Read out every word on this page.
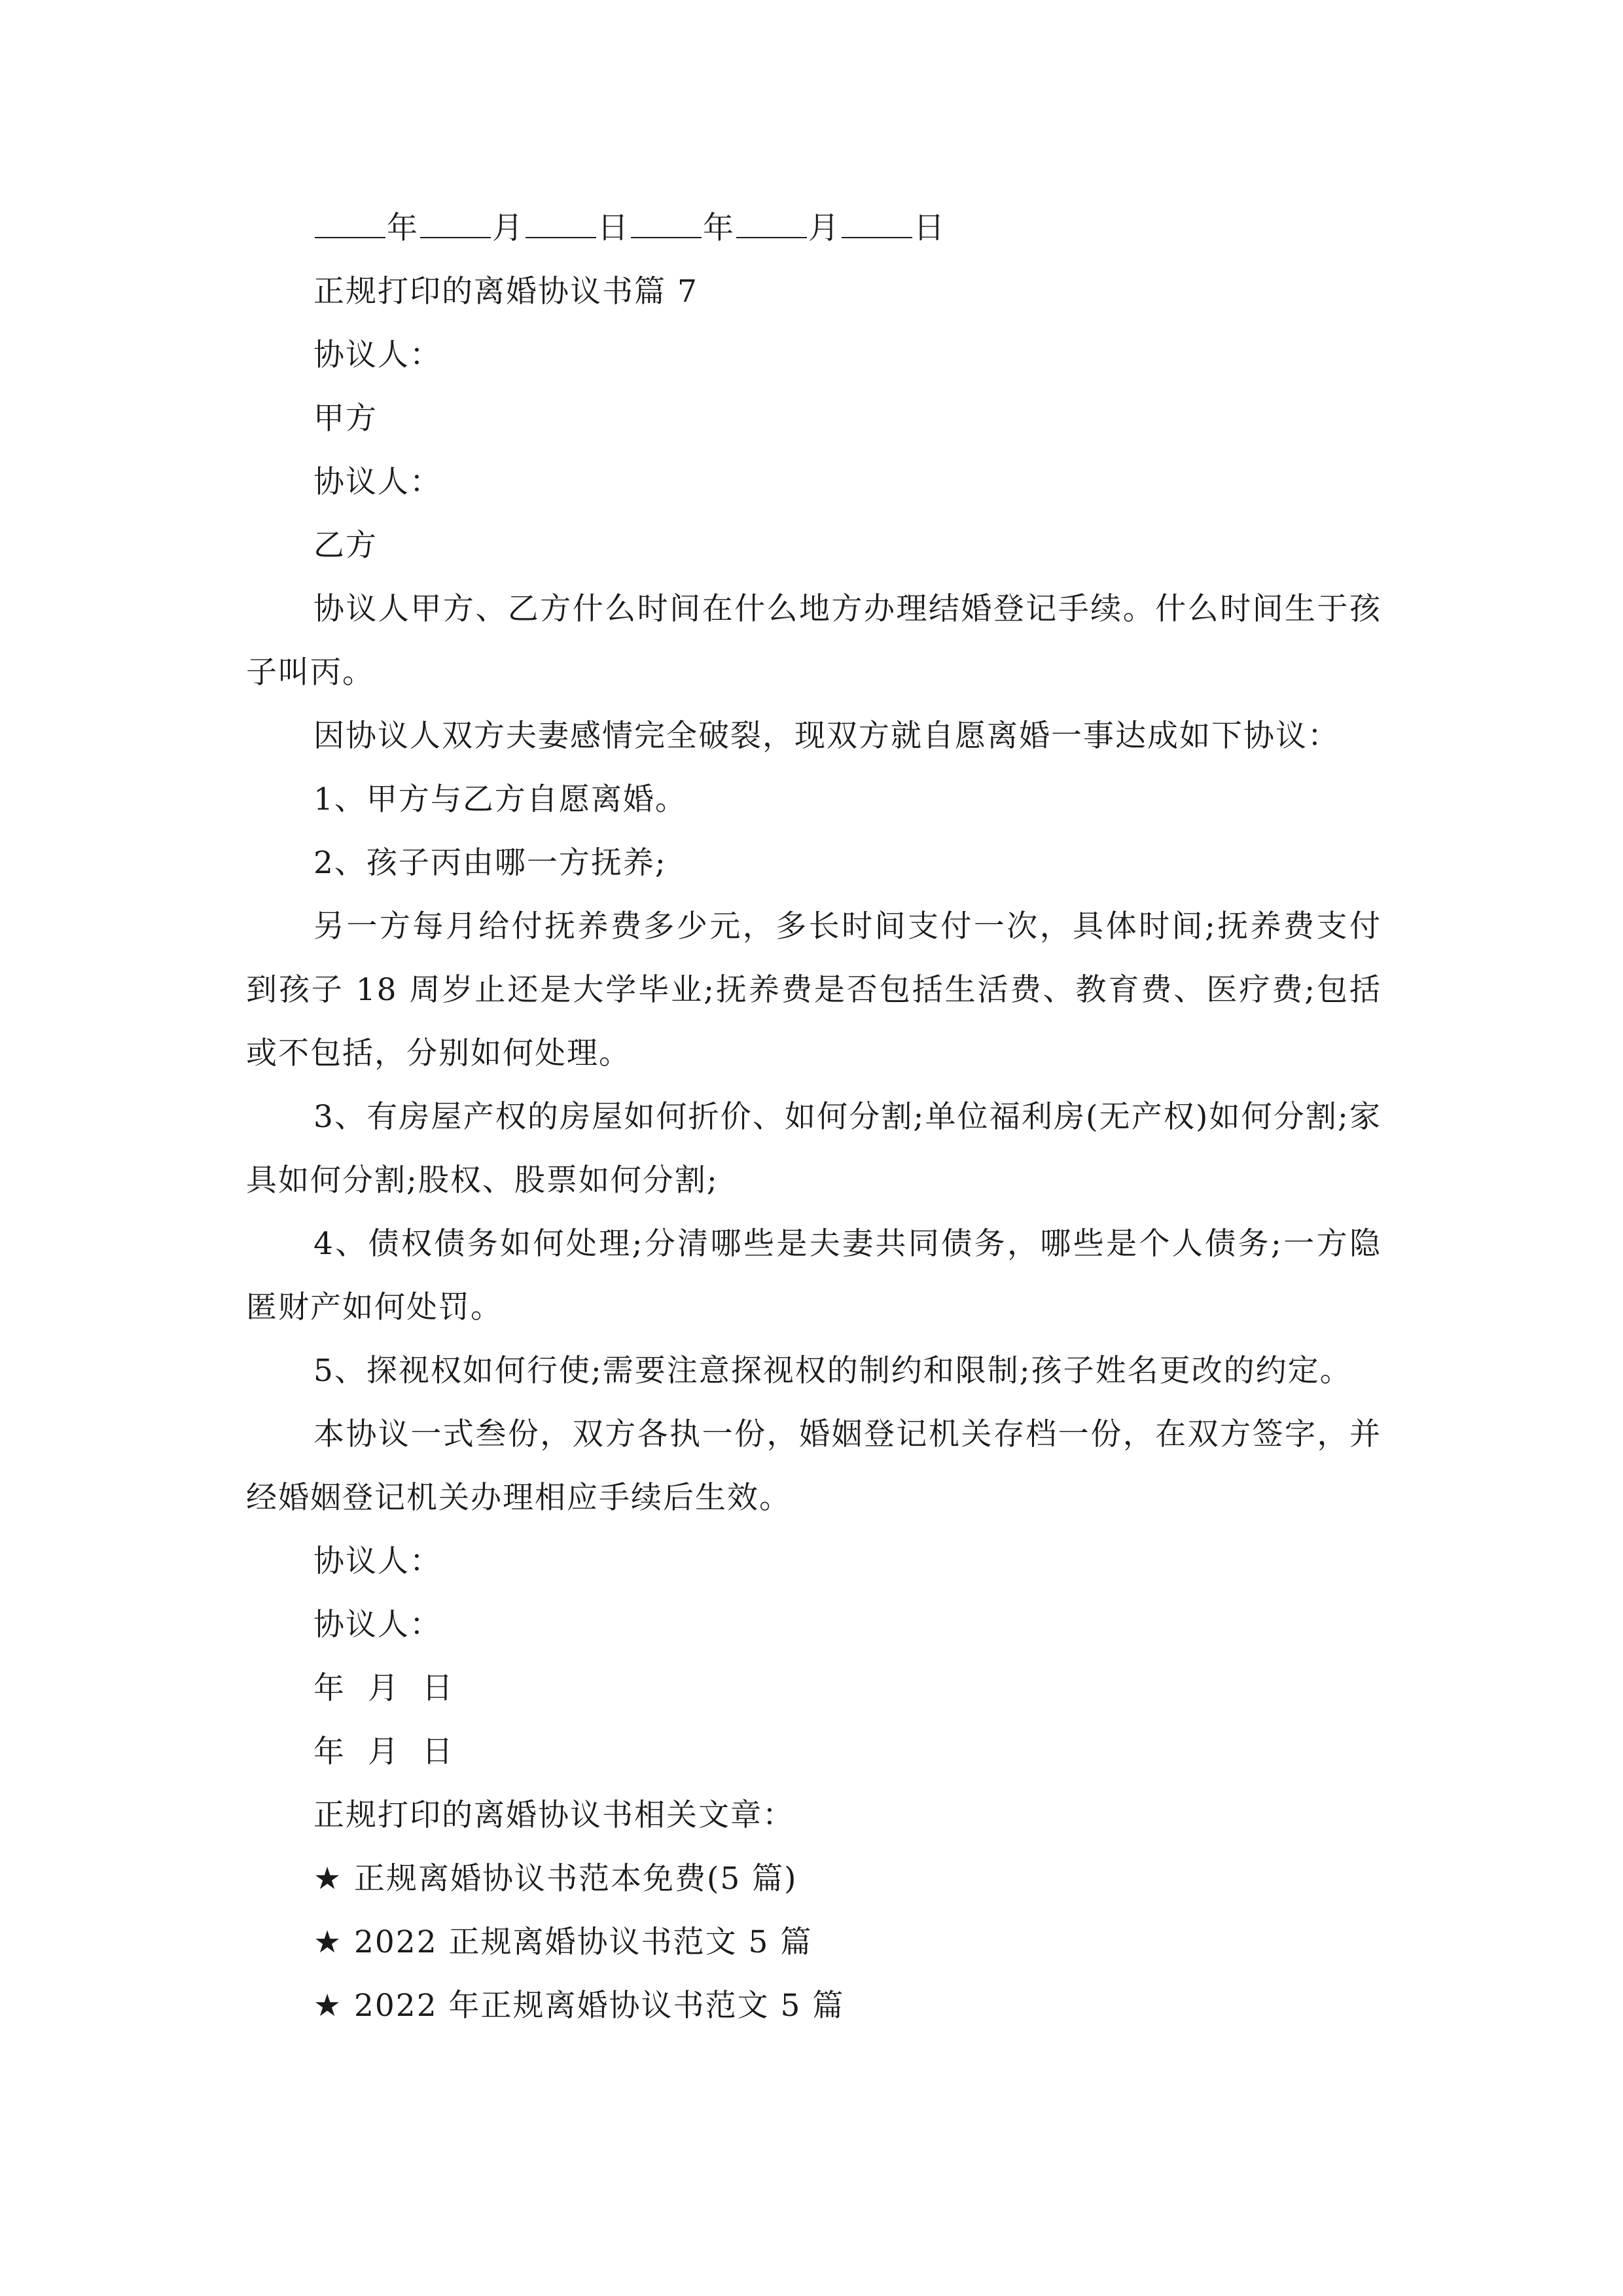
年 月 日 年 月 日
正规打印的离婚协议书篇 7
协议人：
甲方
协议人：
乙方

协议人甲方、乙方什么时间在什么地方办理结婚登记手续。什么时间生于孩子叫丙。

因协议人双方夫妻感情完全破裂，现双方就自愿离婚一事达成如下协议：

1、甲方与乙方自愿离婚。

2、孩子丙由哪一方抚养;

另一方每月给付抚养费多少元，多长时间支付一次，具体时间;抚养费支付到孩子 18 周岁止还是大学毕业;抚养费是否包括生活费、教育费、医疗费;包括或不包括，分别如何处理。

3、有房屋产权的房屋如何折价、如何分割;单位福利房(无产权)如何分割;家具如何分割;股权、股票如何分割;

4、债权债务如何处理;分清哪些是夫妻共同债务，哪些是个人债务;一方隐匿财产如何处罚。

5、探视权如何行使;需要注意探视权的制约和限制;孩子姓名更改的约定。

本协议一式叁份，双方各执一份，婚姻登记机关存档一份，在双方签字，并经婚姻登记机关办理相应手续后生效。

协议人：
协议人：
年  月  日
年  月  日
正规打印的离婚协议书相关文章：
★ 正规离婚协议书范本免费(5 篇)
★ 2022 正规离婚协议书范文 5 篇
★ 2022 年正规离婚协议书范文 5 篇
